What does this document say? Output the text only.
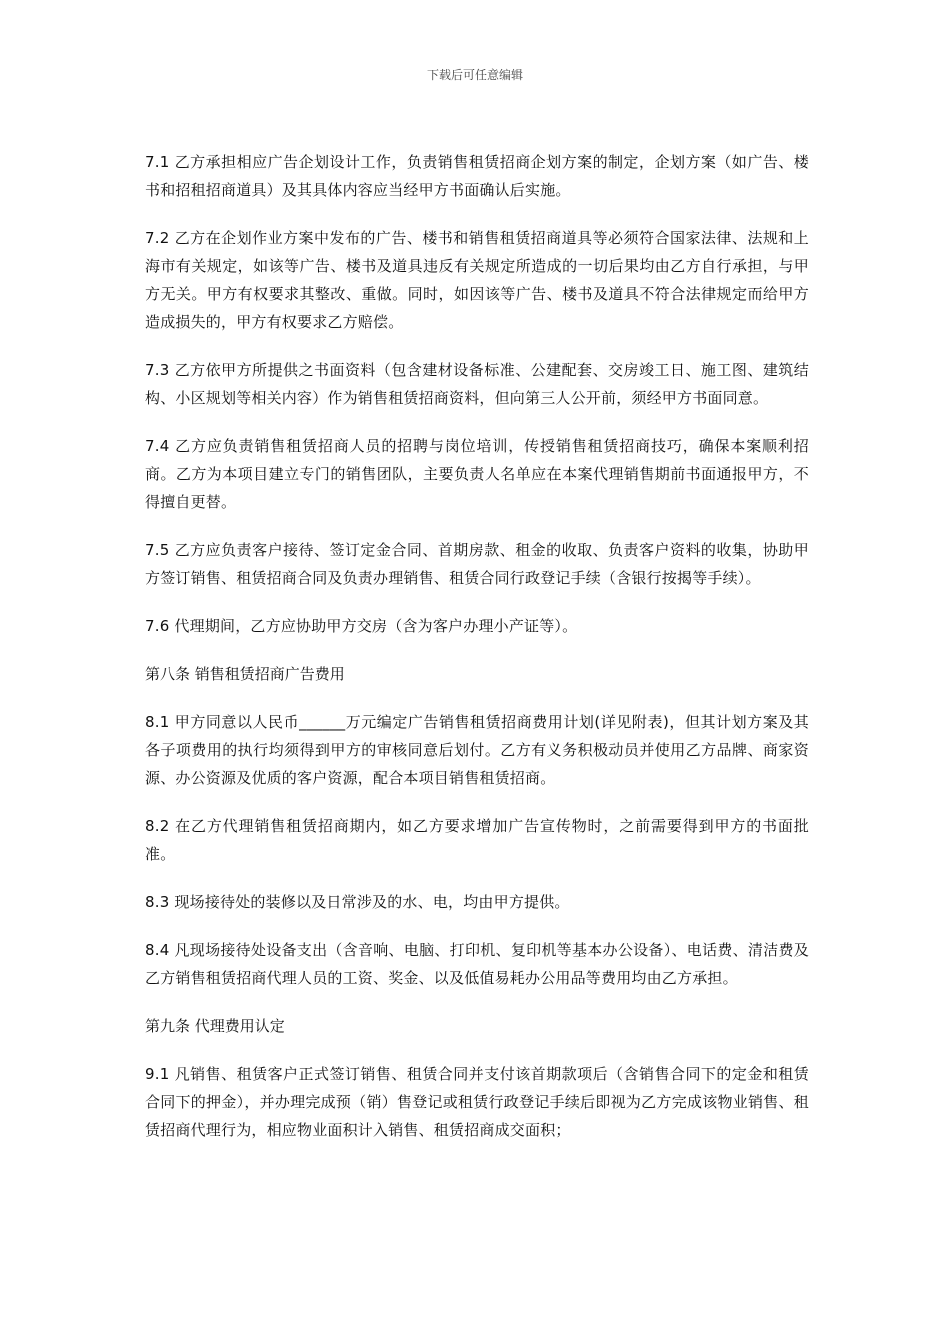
下载后可任意编辑

7.1 乙方承担相应广告企划设计工作，负责销售租赁招商企划方案的制定，企划方案（如广告、楼书和招租招商道具）及其具体内容应当经甲方书面确认后实施。

7.2 乙方在企划作业方案中发布的广告、楼书和销售租赁招商道具等必须符合国家法律、法规和上海市有关规定，如该等广告、楼书及道具违反有关规定所造成的一切后果均由乙方自行承担，与甲方无关。甲方有权要求其整改、重做。同时，如因该等广告、楼书及道具不符合法律规定而给甲方造成损失的，甲方有权要求乙方赔偿。

7.3 乙方依甲方所提供之书面资料（包含建材设备标准、公建配套、交房竣工日、施工图、建筑结构、小区规划等相关内容）作为销售租赁招商资料，但向第三人公开前，须经甲方书面同意。

7.4 乙方应负责销售租赁招商人员的招聘与岗位培训，传授销售租赁招商技巧，确保本案顺利招商。乙方为本项目建立专门的销售团队，主要负责人名单应在本案代理销售期前书面通报甲方，不得擅自更替。

7.5 乙方应负责客户接待、签订定金合同、首期房款、租金的收取、负责客户资料的收集，协助甲方签订销售、租赁招商合同及负责办理销售、租赁合同行政登记手续（含银行按揭等手续）。

7.6 代理期间，乙方应协助甲方交房（含为客户办理小产证等）。

第八条 销售租赁招商广告费用

8.1 甲方同意以人民币______万元编定广告销售租赁招商费用计划(详见附表)，但其计划方案及其各子项费用的执行均须得到甲方的审核同意后划付。乙方有义务积极动员并使用乙方品牌、商家资源、办公资源及优质的客户资源，配合本项目销售租赁招商。

8.2 在乙方代理销售租赁招商期内，如乙方要求增加广告宣传物时，之前需要得到甲方的书面批准。

8.3 现场接待处的装修以及日常涉及的水、电，均由甲方提供。

8.4 凡现场接待处设备支出（含音响、电脑、打印机、复印机等基本办公设备）、电话费、清洁费及乙方销售租赁招商代理人员的工资、奖金、以及低值易耗办公用品等费用均由乙方承担。

第九条 代理费用认定

9.1 凡销售、租赁客户正式签订销售、租赁合同并支付该首期款项后（含销售合同下的定金和租赁合同下的押金），并办理完成预（销）售登记或租赁行政登记手续后即视为乙方完成该物业销售、租赁招商代理行为，相应物业面积计入销售、租赁招商成交面积；
